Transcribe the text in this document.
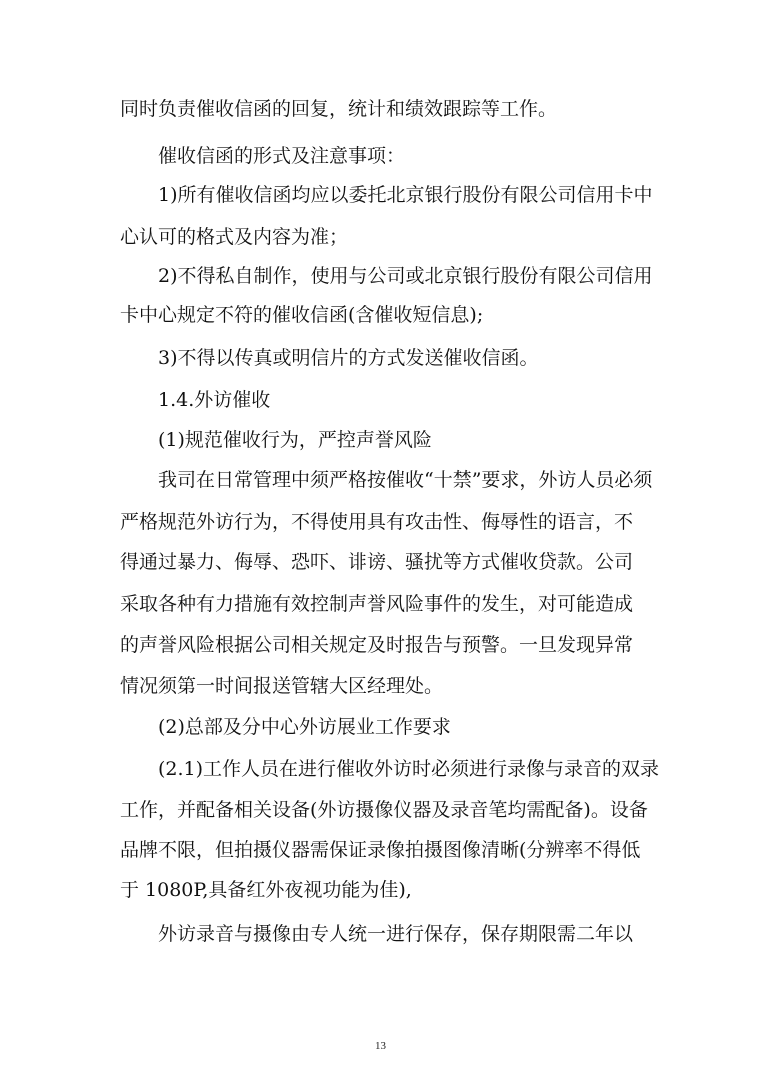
同时负责催收信函的回复，统计和绩效跟踪等工作。
催收信函的形式及注意事项：
1)所有催收信函均应以委托北京银行股份有限公司信用卡中
心认可的格式及内容为准；
2)不得私自制作，使用与公司或北京银行股份有限公司信用
卡中心规定不符的催收信函(含催收短信息);
3)不得以传真或明信片的方式发送催收信函。
1.4.外访催收
(1)规范催收行为，严控声誉风险
我司在日常管理中须严格按催收“十禁”要求，外访人员必须
严格规范外访行为，不得使用具有攻击性、侮辱性的语言，不
得通过暴力、侮辱、恐吓、诽谤、骚扰等方式催收贷款。公司
采取各种有力措施有效控制声誉风险事件的发生，对可能造成
的声誉风险根据公司相关规定及时报告与预警。一旦发现异常
情况须第一时间报送管辖大区经理处。
(2)总部及分中心外访展业工作要求
(2.1)工作人员在进行催收外访时必须进行录像与录音的双录
工作，并配备相关设备(外访摄像仪器及录音笔均需配备)。设备
品牌不限，但拍摄仪器需保证录像拍摄图像清晰(分辨率不得低
于 1080P,具备红外夜视功能为佳),
外访录音与摄像由专人统一进行保存，保存期限需二年以
13
